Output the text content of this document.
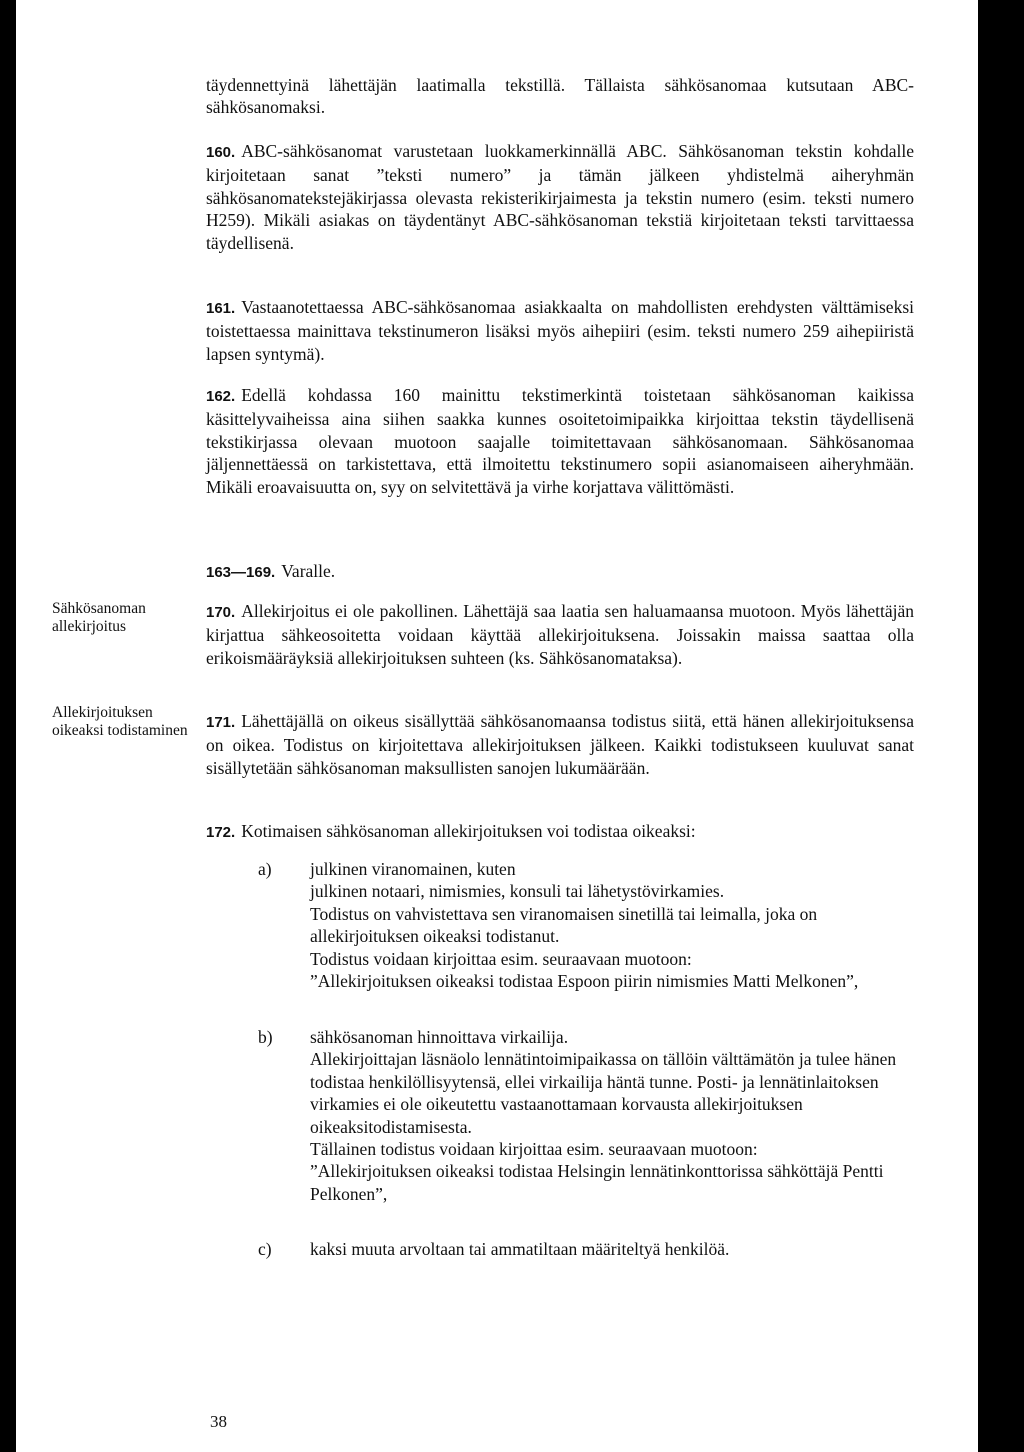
täydennettyinä lähettäjän laatimalla tekstillä. Tällaista sähkösanomaa kutsutaan ABC-sähkösanomaksi.

160. ABC-sähkösanomat varustetaan luokkamerkinnällä ABC. Sähkösanoman tekstin kohdalle kirjoitetaan sanat ”teksti numero” ja tämän jälkeen yhdistelmä aiheryhmän sähkösanomatekstejäkirjassa olevasta rekisterikirjaimesta ja tekstin numero (esim. teksti numero H259). Mikäli asiakas on täydentänyt ABC-sähkösanoman tekstiä kirjoitetaan teksti tarvittaessa täydellisenä.

161. Vastaanotettaessa ABC-sähkösanomaa asiakkaalta on mahdollisten erehdysten välttämiseksi toistettaessa mainittava tekstinumeron lisäksi myös aihepiiri (esim. teksti numero 259 aihepiiristä lapsen syntymä).

162. Edellä kohdassa 160 mainittu tekstimerkintä toistetaan sähkösanoman kaikissa käsittelyvaiheissa aina siihen saakka kunnes osoitetoimipaikka kirjoittaa tekstin täydellisenä tekstikirjassa olevaan muotoon saajalle toimitettavaan sähkösanomaan. Sähkösanomaa jäljennettäessä on tarkistettava, että ilmoitettu tekstinumero sopii asianomaiseen aiheryhmään. Mikäli eroavaisuutta on, syy on selvitettävä ja virhe korjattava välittömästi.

163—169. Varalle.

Sähkösanoman allekirjoitus

170. Allekirjoitus ei ole pakollinen. Lähettäjä saa laatia sen haluamaansa muotoon. Myös lähettäjän kirjattua sähkeosoitetta voidaan käyttää allekirjoituksena. Joissakin maissa saattaa olla erikoismääräyksiä allekirjoituksen suhteen (ks. Sähkösanomataksa).

Allekirjoituksen oikeaksi todistaminen	171. Lähettäjällä on oikeus sisällyttää sähkösanomaansa todistus siitä, että hänen allekirjoituksensa on oikea. Todistus on kirjoitettava allekirjoituksen jälkeen. Kaikki todistukseen kuuluvat sanat sisällytetään sähkösanoman maksullisten sanojen lukumäärään.

172. Kotimaisen sähkösanoman allekirjoituksen voi todistaa oikeaksi:

a)	julkinen viranomainen, kuten
julkinen notaari, nimismies, konsuli tai lähetystövirkamies.
Todistus on vahvistettava sen viranomaisen sinetillä tai leimalla, joka on allekirjoituksen oikeaksi todistanut.
Todistus voidaan kirjoittaa esim. seuraavaan muotoon:
”Allekirjoituksen oikeaksi todistaa Espoon piirin nimismies Matti Melkonen”,
b)	sähkösanoman hinnoittava virkailija.
Allekirjoittajan läsnäolo lennätintoimipaikassa on tällöin välttämätön ja tulee hänen todistaa henkilöllisyytensä, ellei virkailija häntä tunne. Posti- ja lennätinlaitoksen virkamies ei ole oikeutettu vastaanottamaan korvausta allekirjoituksen oikeaksitodistamisesta.
Tällainen todistus voidaan kirjoittaa esim. seuraavaan muotoon:
”Allekirjoituksen oikeaksi todistaa Helsingin lennätinkonttorissa sähköttäjä Pentti Pelkonen”,
c)	kaksi muuta arvoltaan tai ammatiltaan määriteltyä henkilöä.
38
